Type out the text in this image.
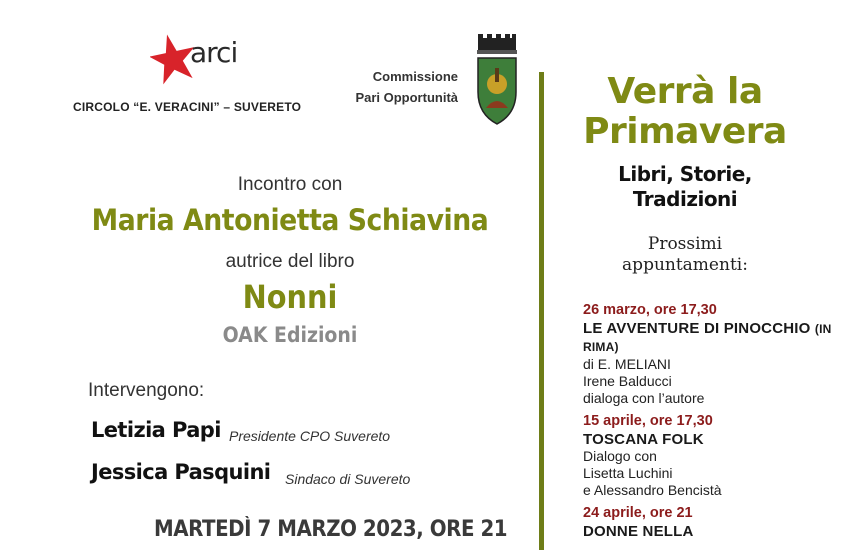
arci
CIRCOLO “E. VERACINI” – SUVERETO
Commissione
Pari Opportunità
Incontro con
Maria Antonietta Schiavina
autrice del libro
Nonni
OAK Edizioni
Intervengono:
Letizia Papi Presidente CPO Suvereto
Jessica Pasquini Sindaco di Suvereto
MARTEDÌ 7 MARZO 2023, ORE 21
Verrà la
Primavera
Libri, Storie,
Tradizioni
Prossimi
appuntamenti:
26 marzo, ore 17,30
LE AVVENTURE DI PINOCCHIO (IN RIMA)
di E. MELIANI
Irene Balducci
dialoga con l’autore
15 aprile, ore 17,30
TOSCANA FOLK
Dialogo con
Lisetta Luchini
e Alessandro Bencistà
24 aprile, ore 21
DONNE NELLA
